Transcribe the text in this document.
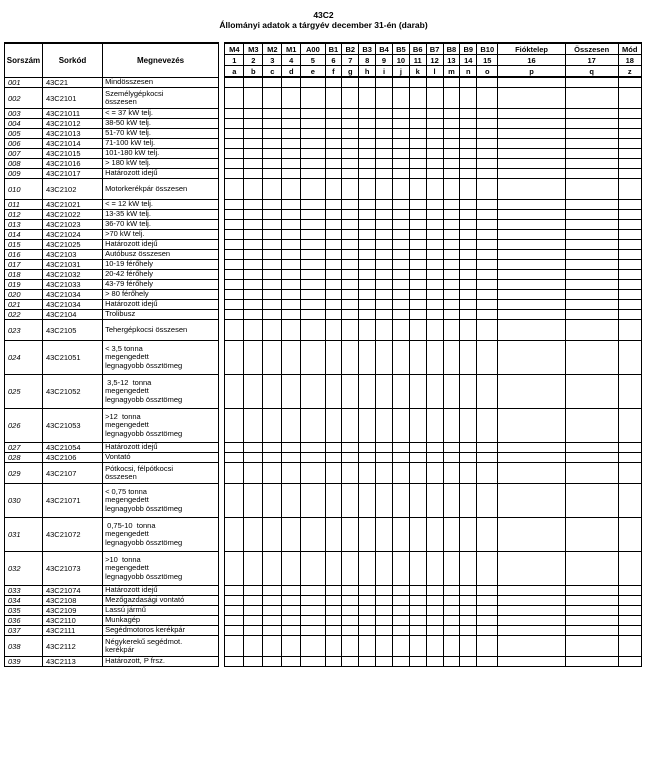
43C2
Állományi adatok a tárgyév december 31-én (darab)
Sorszám	Sorkód	Megnevezés		M4	M3	M2	M1	A00	B1	B2	B3	B4	B5	B6	B7	B8	B9	B10	Fióktelep	Összesen	Mód
				1	2	3	4	5	6	7	8	9	10	11	12	13	14	15	16	17	18
				a	b	c	d	e	f	g	h	i	j	k	l	m	n	o	p	q	z
001	43C21	Mindösszesen																			

002	43C2101	Személygépkocsi
összesen																			

003	43C21011	< = 37 kW telj.																			

004	43C21012	38-50 kW telj.																			

005	43C21013	51-70 kW telj.																			

006	43C21014	71-100 kW telj.																			

007	43C21015	101-180 kW telj.																			

008	43C21016	> 180 kW telj.																			

009	43C21017	Határozott idejű																			

010	43C2102	Motorkerékpár összesen																			

011	43C21021	< = 12 kW telj.																			

012	43C21022	13-35 kW telj.																			

013	43C21023	36-70 kW telj.																			

014	43C21024	>70 kW telj.																			

015	43C21025	Határozott idejű																			

016	43C2103	Autóbusz összesen																			

017	43C21031	10-19 férőhely																			

018	43C21032	20-42 férőhely																			

019	43C21033	43-79 férőhely																			

020	43C21034	> 80 férőhely																			

021	43C21034	Határozott idejű																			

022	43C2104	Trolibusz																			

023	43C2105	Tehergépkocsi összesen																			

024	43C21051	< 3,5 tonna
megengedett
legnagyobb össztömeg																			

025	43C21052	3,5-12  tonna
megengedett
legnagyobb össztömeg																			

026	43C21053	>12  tonna
megengedett
legnagyobb össztömeg																			

027	43C21054	Határozott idejű																			

028	43C2106	Vontató																			

029	43C2107	Pótkocsi, félpótkocsi
összesen																			

030	43C21071	< 0,75 tonna
megengedett
legnagyobb össztömeg																			

031	43C21072	0,75-10  tonna
megengedett
legnagyobb össztömeg																			

032	43C21073	>10  tonna
megengedett
legnagyobb össztömeg																			

033	43C21074	Határozott idejű																			

034	43C2108	Mezőgazdasági vontató																			

035	43C2109	Lassú jármű																			

036	43C2110	Munkagép																			

037	43C2111	Segédmotoros kerékpár																			

038	43C2112	Négykerekű segédmot.
kerékpár																			

039	43C2113	Határozott, P frsz.																			
